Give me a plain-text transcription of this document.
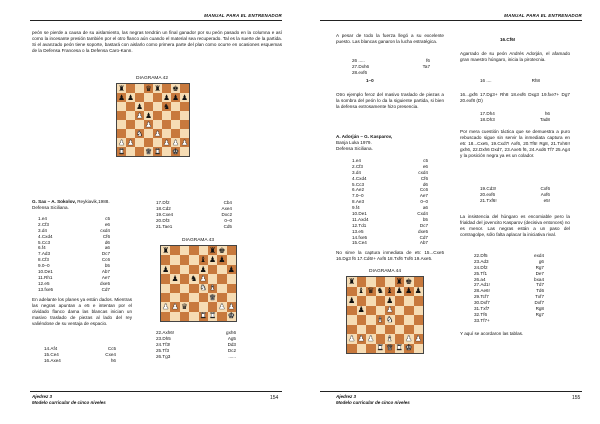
MANUAL PARA EL ENTRENADOR

peón se pierde a causa de su aislamiento, las negras tendrán un final ganador por su peón pasado en la columna e así como la incesante presión también por el otro flanco aún cuando el material sea recuperado. Tal es la suerte de la partida. Si el avanzado peón tiene soporte, bastará con aislarlo como primera parte del plan como ocurre en ocasiones esquemas de la Defensa Francesa o la Defensa Caro-Kann.

DIAGRAMA 42
♜	♛ ♜ ♚
♟ ♟	♟ ♟ ♟
♟	♞
♟ ♟
♟
♞ ♟
♟ ♟	♟ ♟ ♟
♜	♛ ♜ ♚
G. Sax – A. Sokolov, Reykiavik,1988.
Defensa Siciliana.
1.e4	c5
2.Cf3	e6
3.d4	cxd4
4.Cxd4	Cf6
5.Cc3	d6
6.f4	a6
7.Ad3	Dc7
8.Cf3	Cc6
9.0–0	b5
10.De1	Ab7
11.Rh1	Ae7
12.e5	dxe5
13.fxe5	Cd7

En adelante los planes ya están dados. Mientras las negras apuntan a e5 e intentan por el olvidado flanco dama las blancas inician un masivo traslado de piezas al lado del rey valiéndose de su ventaja de espacio.

14.Af4	Cc5
15.Ce4	Cxe4
16.Axe4	h6
17.Df2	Cb4
18.Cd2	Axe4
19.Cxe4	Dxc2
20.Df3	0–0
21.Tae1	Cd5
DIAGRAMA 43
♜	♜ ♚
♝ ♟ ♟
♟	♟	♟
♟ ♞ ♟
♞ ♝
♛
♟ ♟ ♛	♟ ♟
♜ ♜ ♚
22.Axh6!	gxh6
23.Dh5	Ag5
24.Tf3!	Dd3
25.Tf3	Dc2
26.Tg3	......
Ajedrez 3
Modelo curricular de cinco niveles
154
MANUAL PARA EL ENTRENADOR

A pesar de todo la fuerza llegó a su excelente puesto. Las blancas ganaron la lucha estratégica.

26 .....	f6
27.Dxh6	Ta7
28.exf6
1–0

Otro ejemplo feroz del masivo traslado de piezas a la sombra del peón lo da la siguiente partida, si bien la defensa extrosamente hizo presencia.

A. Adorján – G. Kasparov,
Banja Luka 1979.
Defensa Siciliana.
1.e4	c5
2.Cf3	e6
3.d4	cxd4
4.Cxd4	Cf6
5.Cc3	d6
6.Ae2	Cc6
7.0–0	Ae7
8.Ae3	0–0
9.f4	a6
10.De1	Cxd4
11.Axd4	b5
12.Td1	Dc7
13.e5	dxe5
14.fxe5	Cd7
15.Ce4	Ab7

No sirve la captura inmediata de e5: 15...Cxe5 16.Dg3 f6 17.Cd6!+ Axf6 18.Txf6 Txf6 19.Axe5.

DIAGRAMA 44
♜	♜ ♚
♝ ♛ ♞ ♝ ♟ ♟ ♟
♟	♟
♟	♟
♝ ♞
♟ ♟ ♟ ♝ ♟ ♟
♜ ♛ ♜ ♚
16.Cf6!

Agarrado de su peón Andrés Adorján, el afamado gran maestro húngaro, inicia la pirotecnia.

16 ....	Rh8

16...gxf6 17.Dg3+ Rh8 18.exf6 Dxg3 19.fxe7+ Dg7 20.exf8 (D)

17.Dh4	h6
18.Dh3	Tad8

Por mera cuestión táctica que se demuestra a puro rebuscado sigue sin servir la inmediata captura en e5: 18...Cxe5, 19.Cxd7! Axf6, 20.Tf6! Rg8, 21.Txh6!! gxh6, 22.Dxh6 Dxd7, 23.Axe5 f6, 24.Axd6 Tf7 25.Ag4 y la posición negra ya es un colador.

19.Cd3!	Cxf6
20.exf6	Axf6
21.Txf6!	e5!

La insistencia del húngaro es encomiable pero la frialdad del jovencito Kasparov (decisiva entonces) no es menor. Las negras están a un paso del contragolpe, sólo falta aplacar la iniciativa rival.

22.Df5	exd4
23.Ad3	g6
24.Df2	Rg7
25.Tf1	De7
26.a4	bxa4
27.Ad1!	Td7
28.Ae6!	Td6
29.Tcf7	Txf7
30.Dxf7	Dxf7
31.Txf7	Rg8
32.Tf6	Rg7
33.Tf7+

Y aquí se acordaron las tablas.

Ajedrez 3
Modelo curricular de cinco niveles
155
